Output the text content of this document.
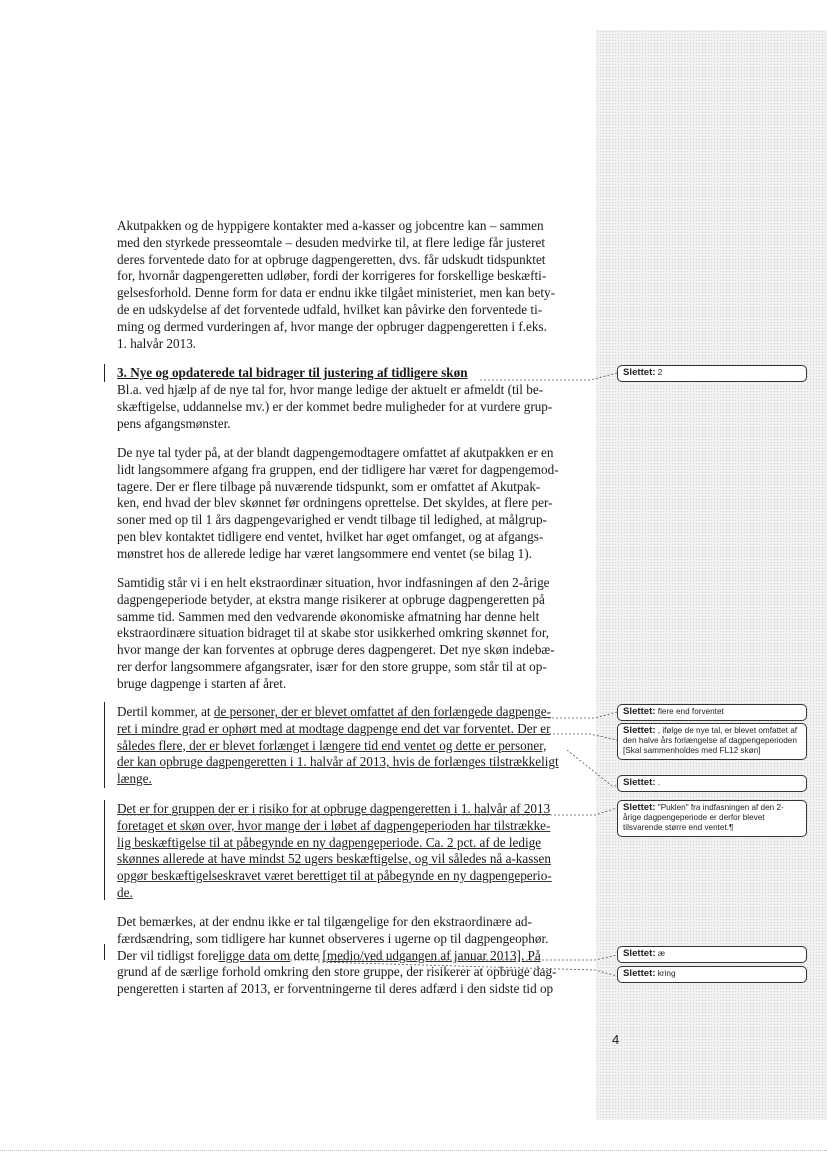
Akutpakken og de hyppigere kontakter med a-kasser og jobcentre kan – sammen
med den styrkede presseomtale – desuden medvirke til, at flere ledige får justeret
deres forventede dato for at opbruge dagpengeretten, dvs. får udskudt tidspunktet
for, hvornår dagpengeretten udløber, fordi der korrigeres for forskellige beskæfti-
gelsesforhold. Denne form for data er endnu ikke tilgået ministeriet, men kan bety-
de en udskydelse af det forventede udfald, hvilket kan påvirke den forventede ti-
ming og dermed vurderingen af, hvor mange der opbruger dagpengeretten i f.eks.
1. halvår 2013.

3. Nye og opdaterede tal bidrager til justering af tidligere skøn

Bl.a. ved hjælp af de nye tal for, hvor mange ledige der aktuelt er afmeldt (til be-
skæftigelse, uddannelse mv.) er der kommet bedre muligheder for at vurdere grup-
pens afgangsmønster.

De nye tal tyder på, at der blandt dagpengemodtagere omfattet af akutpakken er en
lidt langsommere afgang fra gruppen, end der tidligere har været for dagpengemod-
tagere. Der er flere tilbage på nuværende tidspunkt, som er omfattet af Akutpak-
ken, end hvad der blev skønnet før ordningens oprettelse. Det skyldes, at flere per-
soner med op til 1 års dagpengevarighed er vendt tilbage til ledighed, at målgrup-
pen blev kontaktet tidligere end ventet, hvilket har øget omfanget, og at afgangs-
mønstret hos de allerede ledige har været langsommere end ventet (se bilag 1).

Samtidig står vi i en helt ekstraordinær situation, hvor indfasningen af den 2-årige
dagpengeperiode betyder, at ekstra mange risikerer at opbruge dagpengeretten på
samme tid. Sammen med den vedvarende økonomiske afmatning har denne helt
ekstraordinære situation bidraget til at skabe stor usikkerhed omkring skønnet for,
hvor mange der kan forventes at opbruge deres dagpengeret. Det nye skøn indebæ-
rer derfor langsommere afgangsrater, især for den store gruppe, som står til at op-
bruge dagpenge i starten af året.

Dertil kommer, at de personer, der er blevet omfattet af den forlængede dagpenge-
ret i mindre grad er ophørt med at modtage dagpenge end det var forventet. Der er
således flere, der er blevet forlænget i længere tid end ventet og dette er personer,
der kan opbruge dagpengeretten i 1. halvår af 2013, hvis de forlænges tilstrækkeligt
længe.

Det er for gruppen der er i risiko for at opbruge dagpengeretten i 1. halvår af 2013
foretaget et skøn over, hvor mange der i løbet af dagpengeperioden har tilstrække-
lig beskæftigelse til at påbegynde en ny dagpengeperiode. Ca. 2 pct. af de ledige
skønnes allerede at have mindst 52 ugers beskæftigelse, og vil således nå a-kassen
opgør beskæftigelseskravet været berettiget til at påbegynde en ny dagpengeperio-
de.

Det bemærkes, at der endnu ikke er tal tilgængelige for den ekstraordinære ad-
færdsændring, som tidligere har kunnet observeres i ugerne op til dagpengeophør.
Der vil tidligst foreligge data om dette [medio/ved udgangen af januar 2013]. På
grund af de særlige forhold omkring den store gruppe, der risikerer at opbruge dag-
pengeretten i starten af 2013, er forventningerne til deres adfærd i den sidste tid op

Slettet: 2
Slettet: flere end forventet
Slettet: , ifølge de nye tal, er blevet omfattet af den halve års forlængelse af dagpengeperioden [Skal sammenholdes med FL12 skøn]
Slettet: .
Slettet: "Puklen" fra indfasningen af den 2-årige dagpengeperiode er derfor blevet tilsvarende større end ventet.¶
Slettet: æ
Slettet: kring
4
